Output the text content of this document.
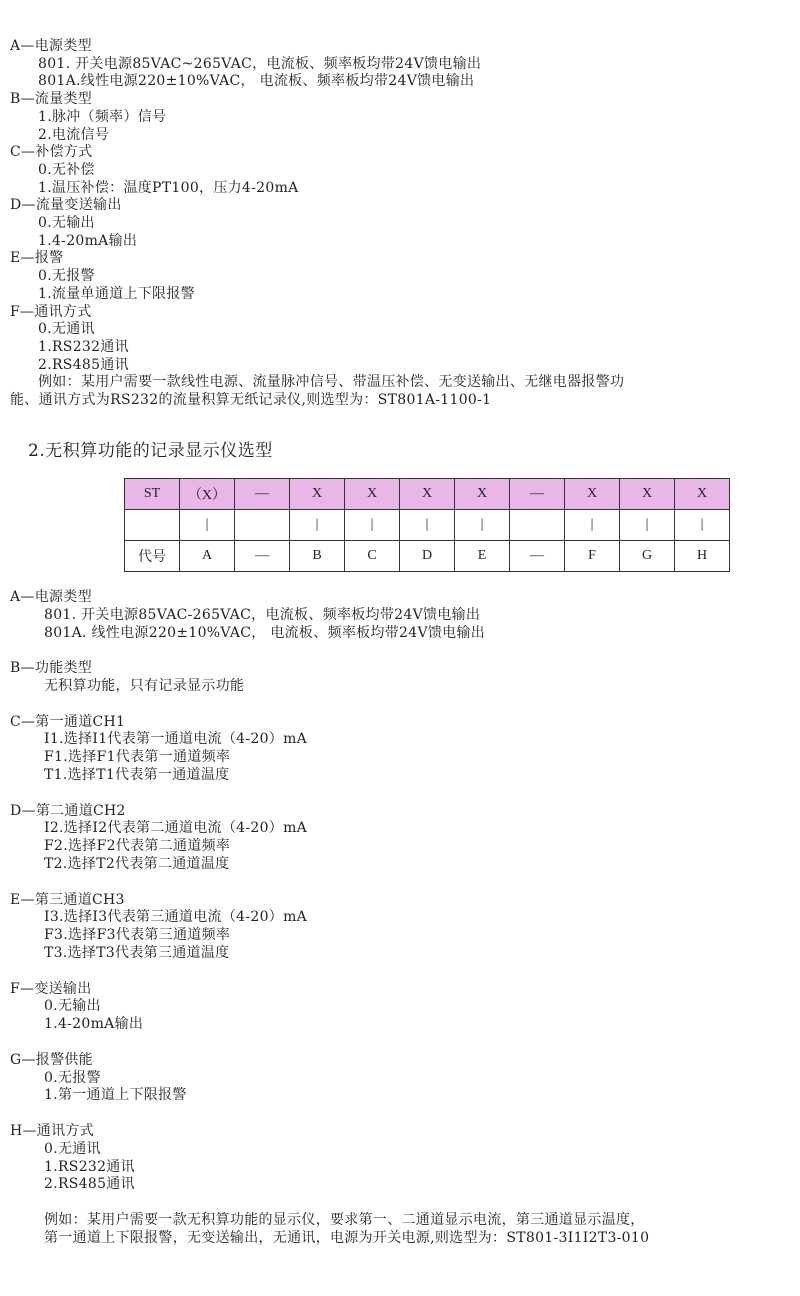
A—电源类型
801. 开关电源85VAC~265VAC，电流板、频率板均带24V馈电输出
801A.线性电源220±10%VAC， 电流板、频率板均带24V馈电输出
B—流量类型
1.脉冲（频率）信号
2.电流信号
C—补偿方式
0.无补偿
1.温压补偿：温度PT100，压力4-20mA
D—流量变送输出
0.无输出
1.4-20mA输出
E—报警
0.无报警
1.流量单通道上下限报警
F—通讯方式
0.无通讯
1.RS232通讯
2.RS485通讯
例如：某用户需要一款线性电源、流量脉冲信号、带温压补偿、无变送输出、无继电器报警功
能、通讯方式为RS232的流量积算无纸记录仪,则选型为：ST801A-1100-1
2.无积算功能的记录显示仪选型
ST	（X）	—	X	X	X	X	—	X	X	X
	|		|	|	|	|		|	|	|
代号	A	—	B	C	D	E	—	F	G	H
A—电源类型
801. 开关电源85VAC-265VAC，电流板、频率板均带24V馈电输出
801A. 线性电源220±10%VAC， 电流板、频率板均带24V馈电输出
B—功能类型
无积算功能，只有记录显示功能
C—第一通道CH1
I1.选择I1代表第一通道电流（4-20）mA
F1.选择F1代表第一通道频率
T1.选择T1代表第一通道温度
D—第二通道CH2
I2.选择I2代表第二通道电流（4-20）mA
F2.选择F2代表第二通道频率
T2.选择T2代表第二通道温度
E—第三通道CH3
I3.选择I3代表第三通道电流（4-20）mA
F3.选择F3代表第三通道频率
T3.选择T3代表第三通道温度
F—变送输出
0.无输出
1.4-20mA输出
G—报警供能
0.无报警
1.第一通道上下限报警
H—通讯方式
0.无通讯
1.RS232通讯
2.RS485通讯
例如：某用户需要一款无积算功能的显示仪，要求第一、二通道显示电流，第三通道显示温度，
第一通道上下限报警，无变送输出，无通讯，电源为开关电源,则选型为：ST801-3I1I2T3-010
